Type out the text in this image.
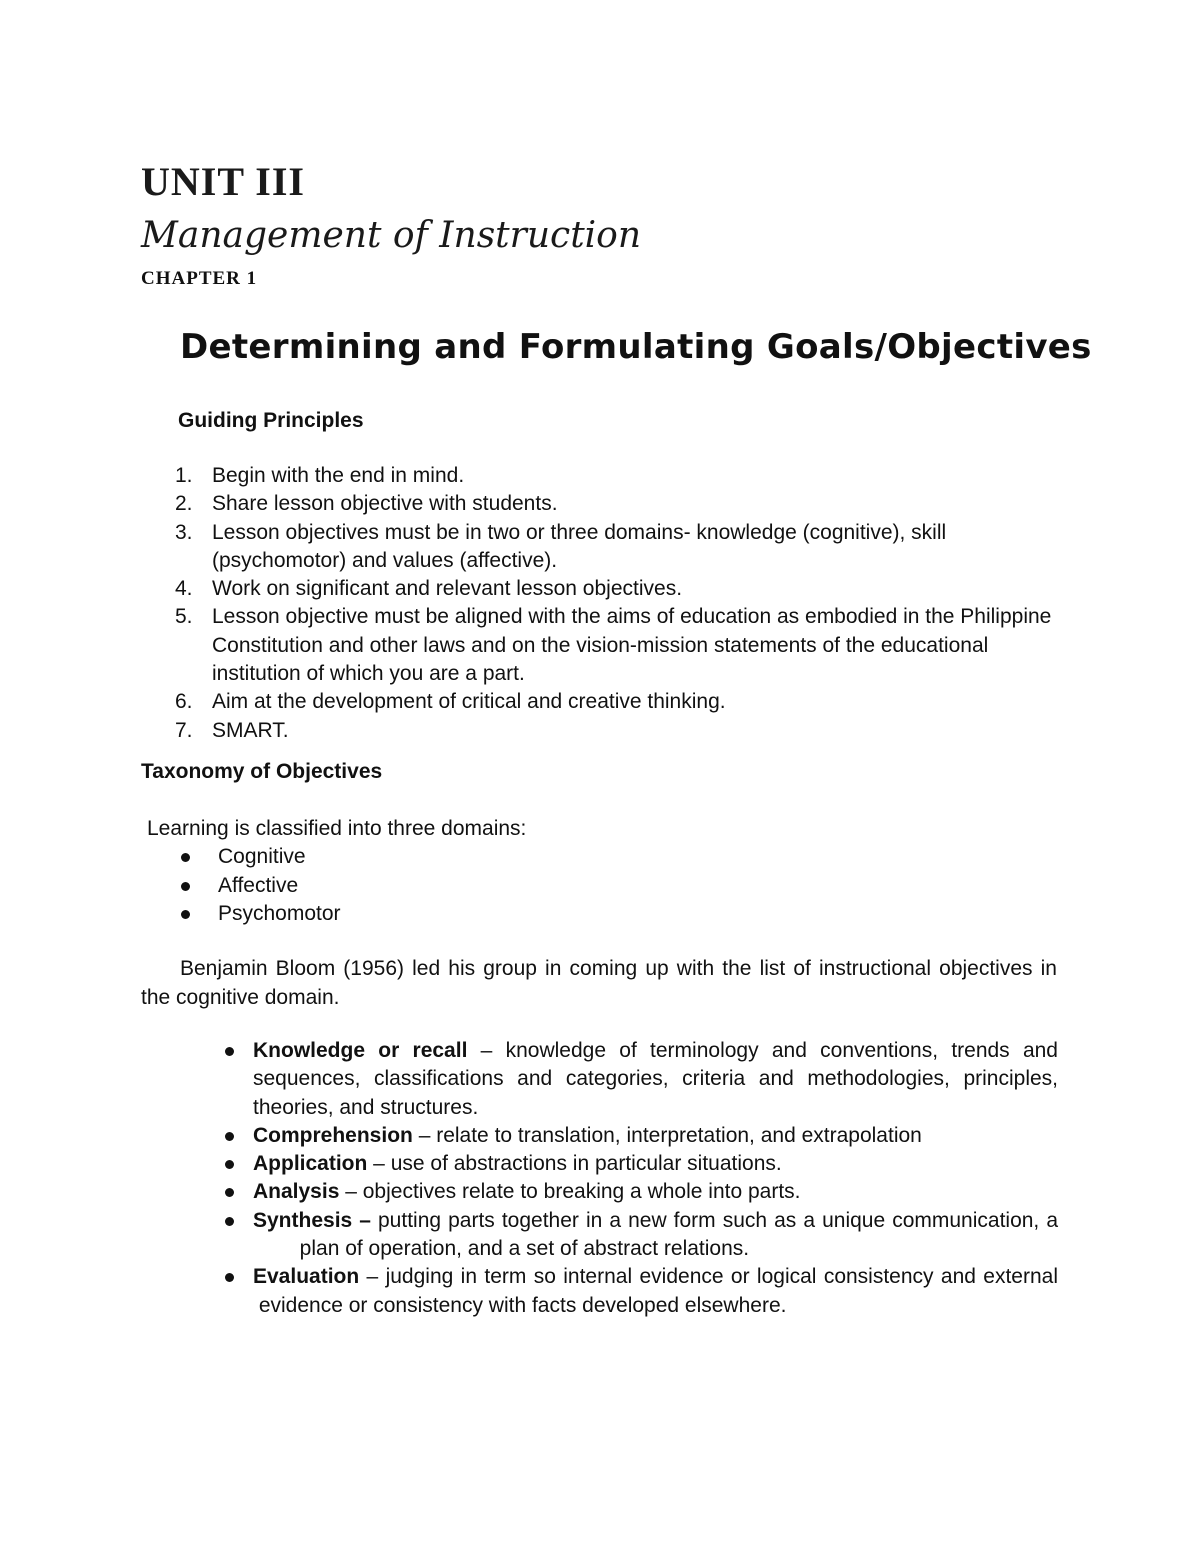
UNIT III
Management of Instruction
CHAPTER 1
Determining and Formulating Goals/Objectives
Guiding Principles
1. Begin with the end in mind.
2. Share lesson objective with students.
3. Lesson objectives must be in two or three domains- knowledge (cognitive), skill (psychomotor) and values (affective).
4. Work on significant and relevant lesson objectives.
5. Lesson objective must be aligned with the aims of education as embodied in the Philippine Constitution and other laws and on the vision-mission statements of the educational institution of which you are a part.
6. Aim at the development of critical and creative thinking.
7. SMART.
Taxonomy of Objectives

Learning is classified into three domains:

Cognitive
Affective
Psychomotor

Benjamin Bloom (1956) led his group in coming up with the list of instructional objectives in the cognitive domain.

Knowledge or recall – knowledge of terminology and conventions, trends and sequences, classifications and categories, criteria and methodologies, principles, theories, and structures.
Comprehension – relate to translation, interpretation, and extrapolation
Application – use of abstractions in particular situations.
Analysis – objectives relate to breaking a whole into parts.
Synthesis – putting parts together in a new form such as a unique communication, a         plan of operation, and a set of abstract relations.
Evaluation – judging in term so internal evidence or logical consistency and external  evidence or consistency with facts developed elsewhere.
